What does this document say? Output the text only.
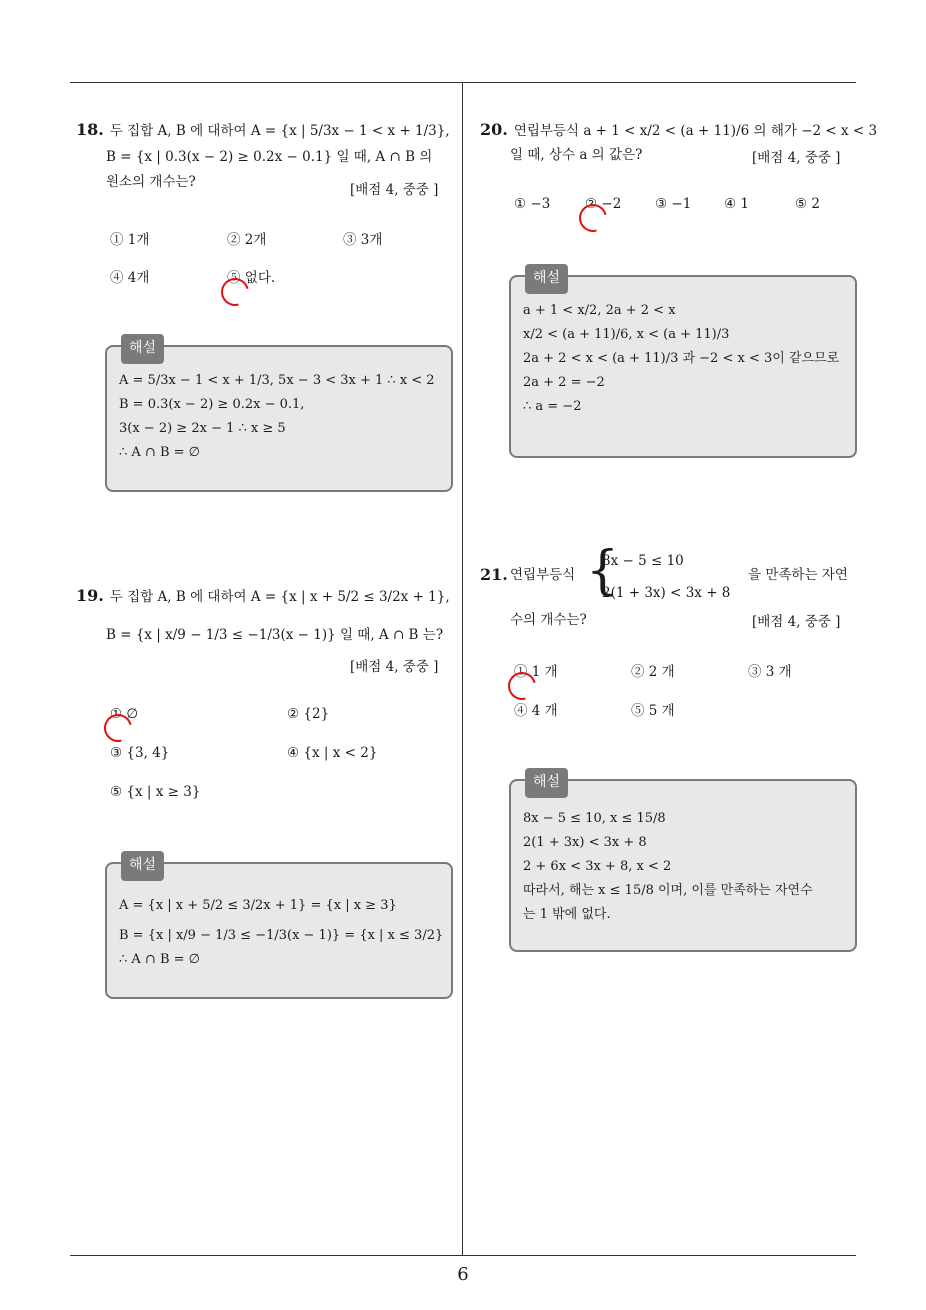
18. 두 집합 A, B 에 대하여 A = {x | 5/3x − 1 < x + 1/3},
B = {x | 0.3(x − 2) ≥ 0.2x − 0.1} 일 때, A ∩ B 의
원소의 개수는?
[배점 4, 중중 ]
① 1개	② 2개	③ 3개
④ 4개	⑤ 없다.
해설
A = 5/3x − 1 < x + 1/3, 5x − 3 < 3x + 1 ∴ x < 2
B = 0.3(x − 2) ≥ 0.2x − 0.1,
3(x − 2) ≥ 2x − 1 ∴ x ≥ 5
∴ A ∩ B = ∅
19. 두 집합 A, B 에 대하여 A = {x | x + 5/2 ≤ 3/2x + 1},
B = {x | x/9 − 1/3 ≤ −1/3(x − 1)} 일 때, A ∩ B 는?
[배점 4, 중중 ]
① ∅	② {2}
③ {3, 4}	④ {x | x < 2}
⑤ {x | x ≥ 3}
해설
A = {x | x + 5/2 ≤ 3/2x + 1} = {x | x ≥ 3}
B = {x | x/9 − 1/3 ≤ −1/3(x − 1)} = {x | x ≤ 3/2}
∴ A ∩ B = ∅
20. 연립부등식 a + 1 < x/2 < (a + 11)/6 의 해가 −2 < x < 3
일 때, 상수 a 의 값은?	[배점 4, 중중 ]
① −3	② −2 ③ −1 ④ 1	⑤ 2
해설
a + 1 < x/2, 2a + 2 < x
x/2 < (a + 11)/6, x < (a + 11)/3
2a + 2 < x < (a + 11)/3 과 −2 < x < 3이 같으므로
2a + 2 = −2
∴ a = −2
21. 연립부등식 {
8x − 5 ≤ 10
2(1 + 3x) < 3x + 8
을 만족하는 자연
수의 개수는?	[배점 4, 중중 ]
① 1 개	② 2 개	③ 3 개
④ 4 개	⑤ 5 개
해설
8x − 5 ≤ 10, x ≤ 15/8
2(1 + 3x) < 3x + 8
2 + 6x < 3x + 8, x < 2
따라서, 해는 x ≤ 15/8 이며, 이를 만족하는 자연수
는 1 밖에 없다.
6
